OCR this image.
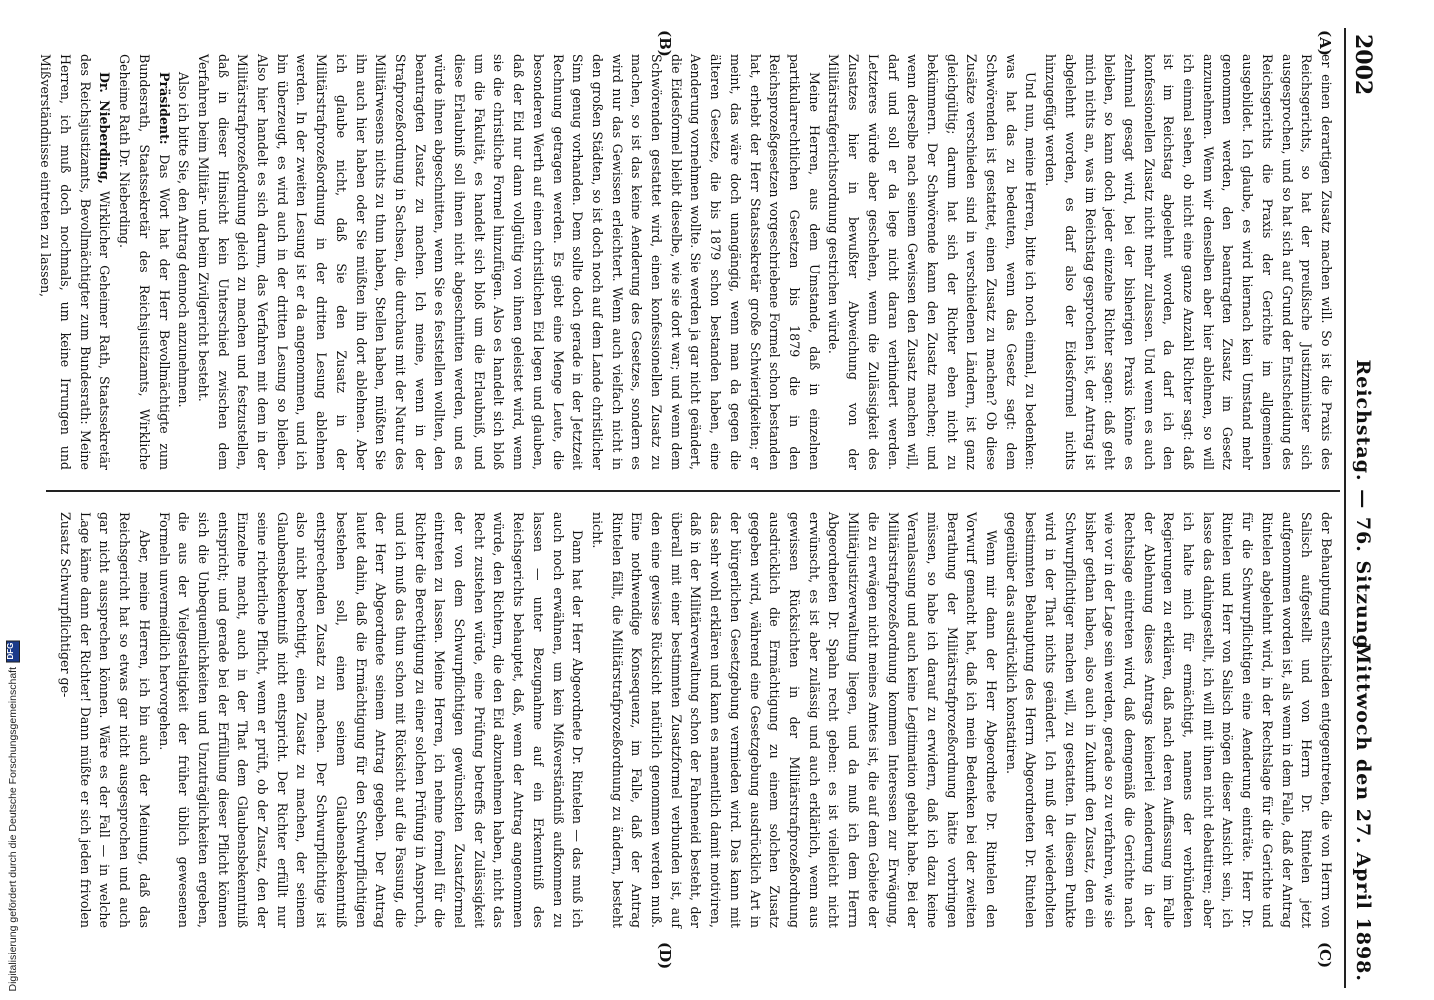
2002
Reichstag. — 76. Sitzung.
Mittwoch den 27. April 1898.
(A)
(B)
(C)
(D)

er einen derartigen Zusatz machen will. So ist die Praxis des Reichsgerichts, so hat der preußische Justizminister sich ausgesprochen, und so hat sich auf Grund der Entscheidung des Reichsgerichts die Praxis der Gerichte im allgemeinen ausgebildet. Ich glaube, es wird hiernach kein Umstand mehr genommen werden, den beantragten Zusatz im Gesetz anzunehmen. Wenn wir denselben aber hier ablehnen, so will ich einmal sehen, ob nicht eine ganze Anzahl Richter sagt: daß ist im Reichstag abgelehnt worden, da darf ich den konfessionellen Zusatz nicht mehr zulassen. Und wenn es auch zehnmal gesagt wird, bei der bisherigen Praxis könne es bleiben, so kann doch jeder einzelne Richter sagen: daß geht mich nichts an, was im Reichstag gesprochen ist, der Antrag ist abgelehnt worden, es darf also der Eidesformel nichts hinzugefügt werden.

Und nun, meine Herren, bitte ich noch einmal, zu bedenken: was hat das zu bedeuten, wenn das Gesetz sagt: dem Schwörenden ist gestattet, einen Zusatz zu machen? Ob diese Zusätze verschieden sind in verschiedenen Ländern, ist ganz gleichgültig; darum hat sich der Richter eben nicht zu bekümmern. Der Schwörende kann den Zusatz machen; und wenn derselbe nach seinem Gewissen den Zusatz machen will, darf und soll er da lege nicht daran verhindert werden. Letzteres würde aber geschehen, wenn die Zulässigkeit des Zusatzes hier in bewußter Abweichung von der Militärstrafgerichtsordnung gestrichen würde.

Meine Herren, aus dem Umstande, daß in einzelnen partikularrechtlichen Gesetzen bis 1879 die in den Reichsprozeßgesetzen vorgeschriebene Formel schon bestanden hat, erhebt der Herr Staatssekretär große Schwierigkeiten; er meint, das wäre doch unangängig, wenn man da gegen die älteren Gesetze, die bis 1879 schon bestanden haben, eine Aenderung vornehmen wollte. Sie werden ja gar nicht geändert, die Eidesformel bleibt dieselbe, wie sie dort war; und wenn dem Schwörenden gestattet wird, einen konfessionellen Zusatz zu machen, so ist das keine Aenderung des Gesetzes, sondern es wird nur das Gewissen erleichtert. Wenn auch vielfach nicht in den großen Städten, so ist doch noch auf dem Lande christlicher Sinn genug vorhanden. Dem sollte doch gerade in der Jetztzeit Rechnung getragen werden. Es giebt eine Menge Leute, die besonderen Werth auf einen christlichen Eid legen und glauben, daß der Eid nur dann vollgültig von ihnen geleistet wird, wenn sie die christliche Formel hinzufügen. Also es handelt sich bloß um die Fakultät, es handelt sich bloß um die Erlaubniß, und diese Erlaubniß soll ihnen nicht abgeschnitten werden, und es würde ihnen abgeschnitten, wenn Sie es feststellen wollten, den beantragten Zusatz zu machen. Ich meine, wenn in der Strafprozeßordnung in Sachsen, die durchaus mit der Natur des Militärwesens nichts zu thun haben, Stellen haben, müßten Sie ihn auch hier haben oder Sie müßten ihn dort ablehnen. Aber ich glaube nicht, daß Sie den Zusatz in der Militärstrafprozeßordnung in der dritten Lesung ablehnen werden. In der zweiten Lesung ist er da angenommen, und ich bin überzeugt, es wird auch in der dritten Lesung so bleiben. Also hier handelt es sich darum, das Verfahren mit dem in der Militärstrafprozeßordnung gleich zu machen und festzustellen, daß in dieser Hinsicht kein Unterschied zwischen dem Verfahren beim Militär- und beim Zivilgericht besteht.

Also ich bitte Sie, den Antrag dennoch anzunehmen.

Präsident: Das Wort hat der Herr Bevollmächtigte zum Bundesrath, Staatssekretär des Reichsjustizamts, Wirkliche Geheime Rath Dr. Nieberding.

Dr. Nieberding, Wirklicher Geheimer Rath, Staatssekretär des Reichsjustizamts, Bevollmächtigter zum Bundesrath: Meine Herren, ich muß doch nochmals, um keine Irrungen und Mißverständnisse eintreten zu lassen,

der Behauptung entschieden entgegentreten, die von Herrn von Salisch aufgestellt und von Herrn Dr. Rintelen jetzt aufgenommen worden ist, als wenn in dem Falle, daß der Antrag Rintelen abgelehnt wird, in der Rechtslage für die Gerichte und für die Schwurpflichtigen eine Aenderung einträte. Herr Dr. Rintelen und Herr von Salisch mögen dieser Ansicht sein, ich lasse das dahingestellt, ich will mit ihnen nicht debattiren; aber ich halte mich für ermächtigt, namens der verbündeten Regierungen zu erklären, daß nach deren Auffassung im Falle der Ablehnung dieses Antrags keinerlei Aenderung in der Rechtslage eintreten wird, daß demgemäß die Gerichte nach wie vor in der Lage sein werden, gerade so zu verfahren, wie sie bisher gethan haben, also auch in Zukunft den Zusatz, den ein Schwurpflichtiger machen will, zu gestatten. In diesem Punkte wird in der That nichts geändert. Ich muß der wiederholten bestimmten Behauptung des Herrn Abgeordneten Dr. Rintelen gegenüber das ausdrücklich konstatiren.

Wenn mir dann der Herr Abgeordnete Dr. Rintelen den Vorwurf gemacht hat, daß ich mein Bedenken bei der zweiten Berathung der Militärstrafprozeßordnung hätte vorbringen müssen, so habe ich darauf zu erwidern, daß ich dazu keine Veranlassung und auch keine Legitimation gehabt habe. Bei der Militärstrafprozeßordnung kommen Interessen zur Erwägung, die zu erwägen nicht meines Amtes ist, die auf dem Gebiete der Militärjustizverwaltung liegen, und da muß ich dem Herrn Abgeordneten Dr. Spahn recht geben: es ist vielleicht nicht erwünscht, es ist aber zulässig und auch erklärlich, wenn aus gewissen Rücksichten in der Militärstrafprozeßordnung ausdrücklich die Ermächtigung zu einem solchen Zusatz gegeben wird, während eine Gesetzgebung ausdrücklich Art in der bürgerlichen Gesetzgebung vermieden wird. Das kann mit das sehr wohl erklären und kann es namentlich damit motiviren, daß in der Militärverwaltung schon der Fahneneid besteht, der überall mit einer bestimmten Zusatzformel verbunden ist, auf den eine gewisse Rücksicht natürlich genommen werden muß. Eine nothwendige Konsequenz, im Falle, daß der Antrag Rintelen fällt, die Militärstrafprozeßordnung zu ändern, besteht nicht.

Dann hat der Herr Abgeordnete Dr. Rintelen — das muß ich auch noch erwähnen, um kein Mißverständniß aufkommen zu lassen — unter Bezugnahme auf ein Erkenntniß des Reichsgerichts behauptet, daß, wenn der Antrag angenommen würde, den Richtern, die den Eid abzunehmen haben, nicht das Recht zustehen würde, eine Prüfung betreffs der Zulässigkeit der von dem Schwurpflichtigen gewünschten Zusatzformel eintreten zu lassen. Meine Herren, ich nehme formell für die Richter die Berechtigung zu einer solchen Prüfung in Anspruch, und ich muß das thun schon mit Rücksicht auf die Fassung, die der Herr Abgeordnete seinem Antrag gegeben. Der Antrag lautet dahin, daß die Ermächtigung für den Schwurpflichtigen bestehen soll, einen seinem Glaubensbekenntniß entsprechenden Zusatz zu machen. Der Schwurpflichtige ist also nicht berechtigt, einen Zusatz zu machen, der seinem Glaubensbekenntniß nicht entspricht. Der Richter erfüllt nur seine richterliche Pflicht, wenn er prüft, ob der Zusatz, den der Einzelne macht, auch in der That dem Glaubensbekenntniß entspricht; und gerade bei der Erfüllung dieser Pflicht können sich die Unbequemlichkeiten und Unzuträglichkeiten ergeben, die aus der Vielgestaltigkeit der früher üblich gewesenen Formeln unvermeidlich hervorgehen.

Aber, meine Herren, ich bin auch der Meinung, daß das Reichsgericht hat so etwas gar nicht ausgesprochen und auch gar nicht aussprechen können. Wäre es der Fall — in welche Lage käme dann der Richter! Dann müßte er sich jeden frivolen Zusatz Schwurpflichtiger ge-

Digitalisierung gefördert durch die Deutsche Forschungsgemeinschaft
DFG
